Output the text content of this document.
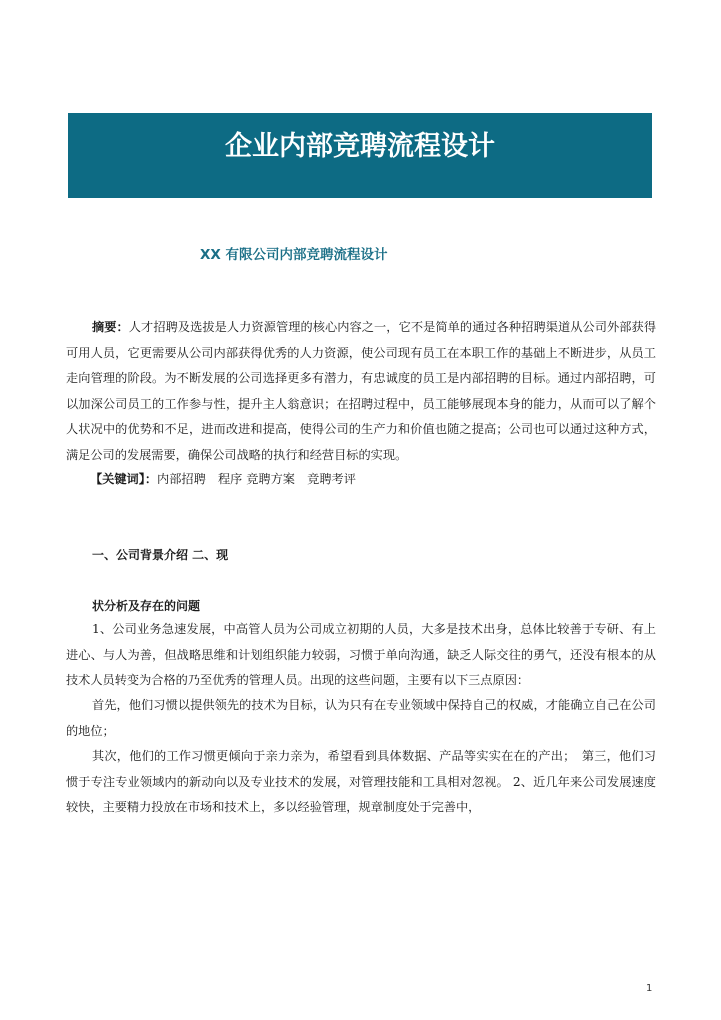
企业内部竞聘流程设计
XX 有限公司内部竞聘流程设计
摘要：人才招聘及选拔是人力资源管理的核心内容之一，它不是简单的通过各种招聘渠道从公司外部获得可用人员，它更需要从公司内部获得优秀的人力资源，使公司现有员工在本职工作的基础上不断进步，从员工走向管理的阶段。为不断发展的公司选择更多有潜力，有忠诚度的员工是内部招聘的目标。通过内部招聘，可以加深公司员工的工作参与性，提升主人翁意识；在招聘过程中，员工能够展现本身的能力，从而可以了解个人状况中的优势和不足，进而改进和提高，使得公司的生产力和价值也随之提高；公司也可以通过这种方式，满足公司的发展需要，确保公司战略的执行和经营目标的实现。
【关键词】：内部招聘　程序 竞聘方案　竞聘考评
一、公司背景介绍 二、现
状分析及存在的问题
1、公司业务急速发展，中高管人员为公司成立初期的人员，大多是技术出身，总体比较善于专研、有上进心、与人为善，但战略思维和计划组织能力较弱，习惯于单向沟通，缺乏人际交往的勇气，还没有根本的从技术人员转变为合格的乃至优秀的管理人员。出现的这些问题，主要有以下三点原因：
首先，他们习惯以提供领先的技术为目标，认为只有在专业领域中保持自己的权威，才能确立自己在公司的地位；
其次，他们的工作习惯更倾向于亲力亲为，希望看到具体数据、产品等实实在在的产出；　第三，他们习惯于专注专业领域内的新动向以及专业技术的发展，对管理技能和工具相对忽视。 2、近几年来公司发展速度较快，主要精力投放在市场和技术上，多以经验管理，规章制度处于完善中，
1
